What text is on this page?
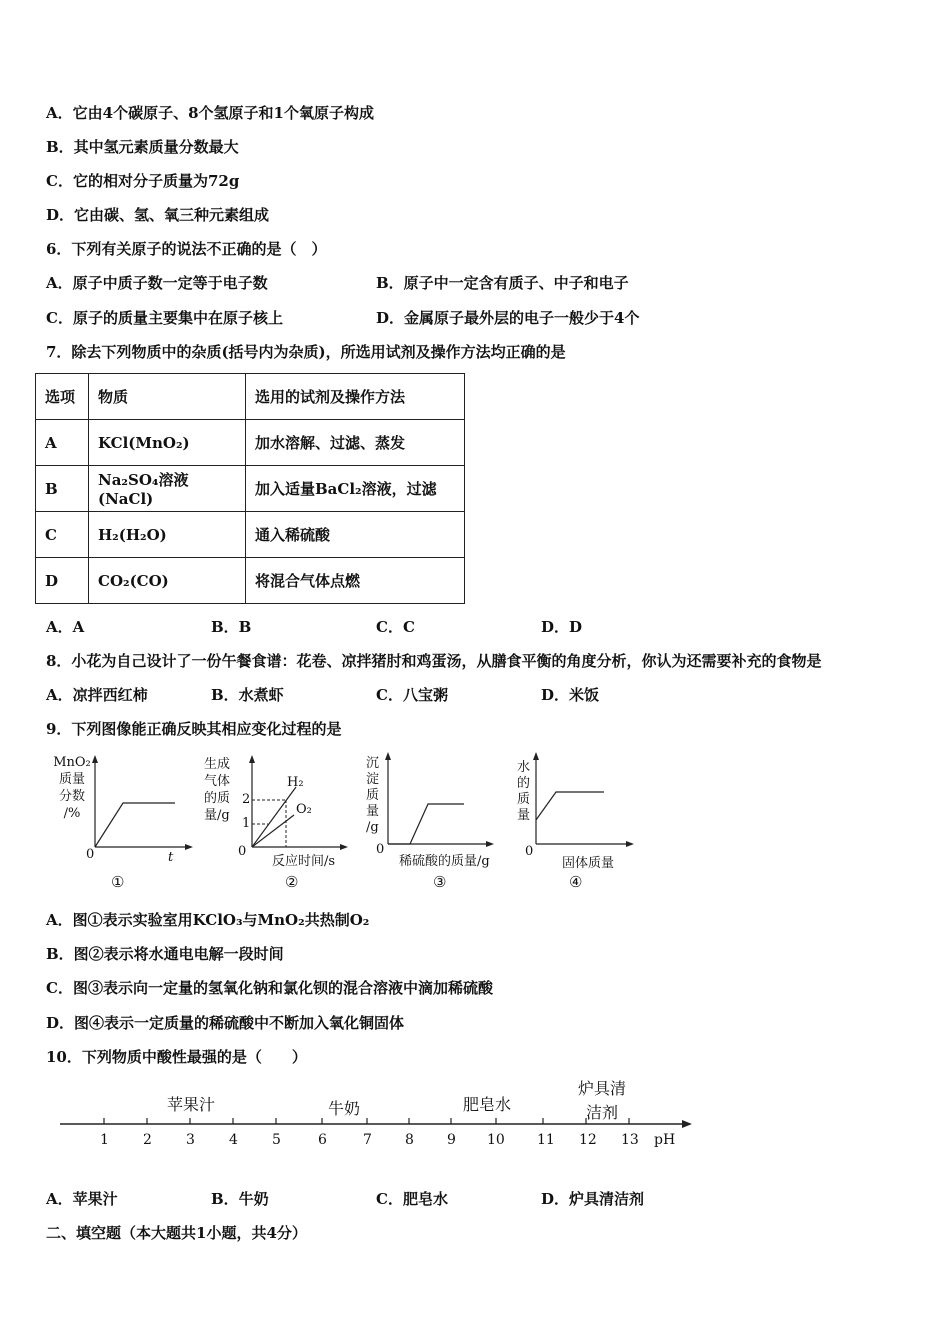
A．它由4个碳原子、8个氢原子和1个氧原子构成
B．其中氢元素质量分数最大
C．它的相对分子质量为72g
D．它由碳、氢、氧三种元素组成
6．下列有关原子的说法不正确的是（　）
A．原子中质子数一定等于电子数	B．原子中一定含有质子、中子和电子
C．原子的质量主要集中在原子核上	D．金属原子最外层的电子一般少于4个
7．除去下列物质中的杂质(括号内为杂质)，所选用试剂及操作方法均正确的是
选项	物质	选用的试剂及操作方法
A	KCl(MnO₂)	加水溶解、过滤、蒸发
B	Na₂SO₄溶液(NaCl)	加入适量BaCl₂溶液，过滤
C	H₂(H₂O)	通入稀硫酸
D	CO₂(CO)	将混合气体点燃
A．A	B．B	C．C	D．D
8．小花为自己设计了一份午餐食谱：花卷、凉拌猪肘和鸡蛋汤，从膳食平衡的角度分析，你认为还需要补充的食物是
A．凉拌西红柿	B．水煮虾	C．八宝粥	D．米饭
9．下列图像能正确反映其相应变化过程的是
MnO₂
质量
分数
/%
0	t
①
生成
气体
的质
量/g
2
1
H₂
O₂
0
反应时间/s
②
沉
淀
质
量
/g
0
稀硫酸的质量/g
③
水
的
质
量
0
固体质量
④
A．图①表示实验室用KClO₃与MnO₂共热制O₂
B．图②表示将水通电电解一段时间
C．图③表示向一定量的氢氧化钠和氯化钡的混合溶液中滴加稀硫酸
D．图④表示一定质量的稀硫酸中不断加入氧化铜固体
10．下列物质中酸性最强的是（　　）
苹果汁	牛奶	肥皂水
炉具清
洁剂
1 2 3 4 5	6	7 8 9 10 11 12 13 pH
A．苹果汁	B．牛奶	C．肥皂水	D．炉具清洁剂
二、填空题（本大题共1小题，共4分）
